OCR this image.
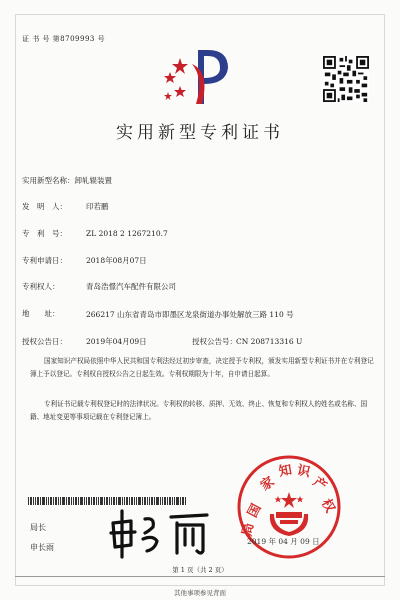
证 书 号 第8709993 号
实用新型专利证书
实用新型名称：卸轧辊装置
发　明　人：	印若鹏
专　利　号：	ZL 2018 2 1267210.7
专利申请日：	2018年08月07日
专利权人：	青岛浩憬汽车配件有限公司
地　　址：	266217 山东省青岛市即墨区龙泉街道办事处解放三路 110 号
授权公告日：	2019年04月09日	授权公告号： CN 208713316 U
国家知识产权局依照中华人民共和国专利法经过初步审查，决定授予专利权，颁发实用新型专利证书并在专利登记簿上予以登记。专利权自授权公告之日起生效。专利权期限为十年，自申请日起算。
专利证书记载专利权登记时的法律状况。专利权的转移、质押、无效、终止、恢复和专利权人的姓名或名称、国籍、地址变更等事项记载在专利登记簿上。
局长
申长雨
国
家
知 识
产
权
局
2019 年 04 月 09 日
第 1 页（共 2 页）
其他事项参见背面
